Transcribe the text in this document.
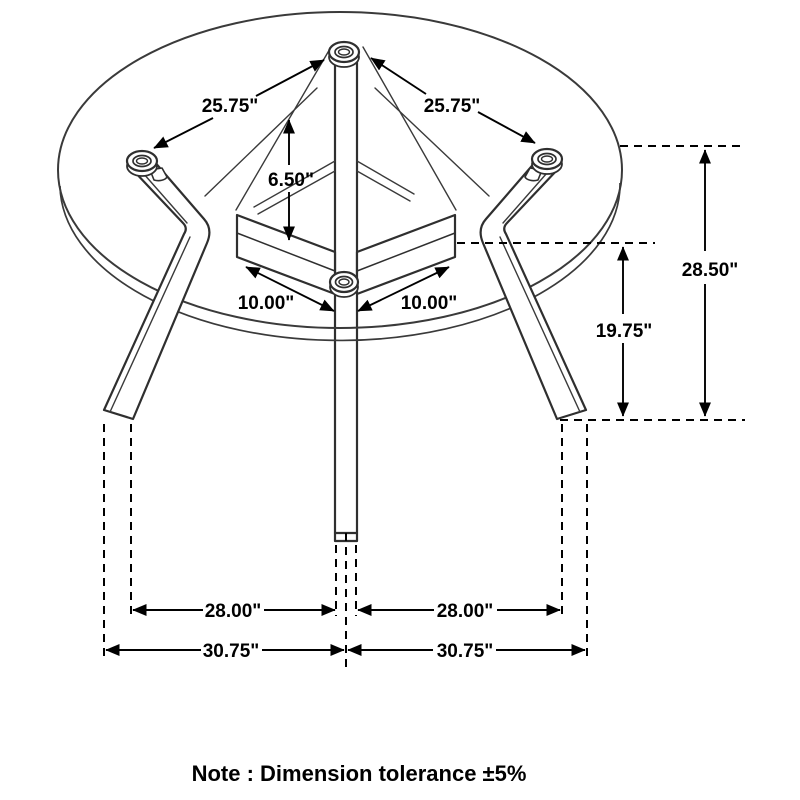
25.75"	25.75"
6.50"
10.00"	10.00"
19.75"
28.50"
28.00"	28.00"
30.75"	30.75"
Note : Dimension tolerance ±5%
